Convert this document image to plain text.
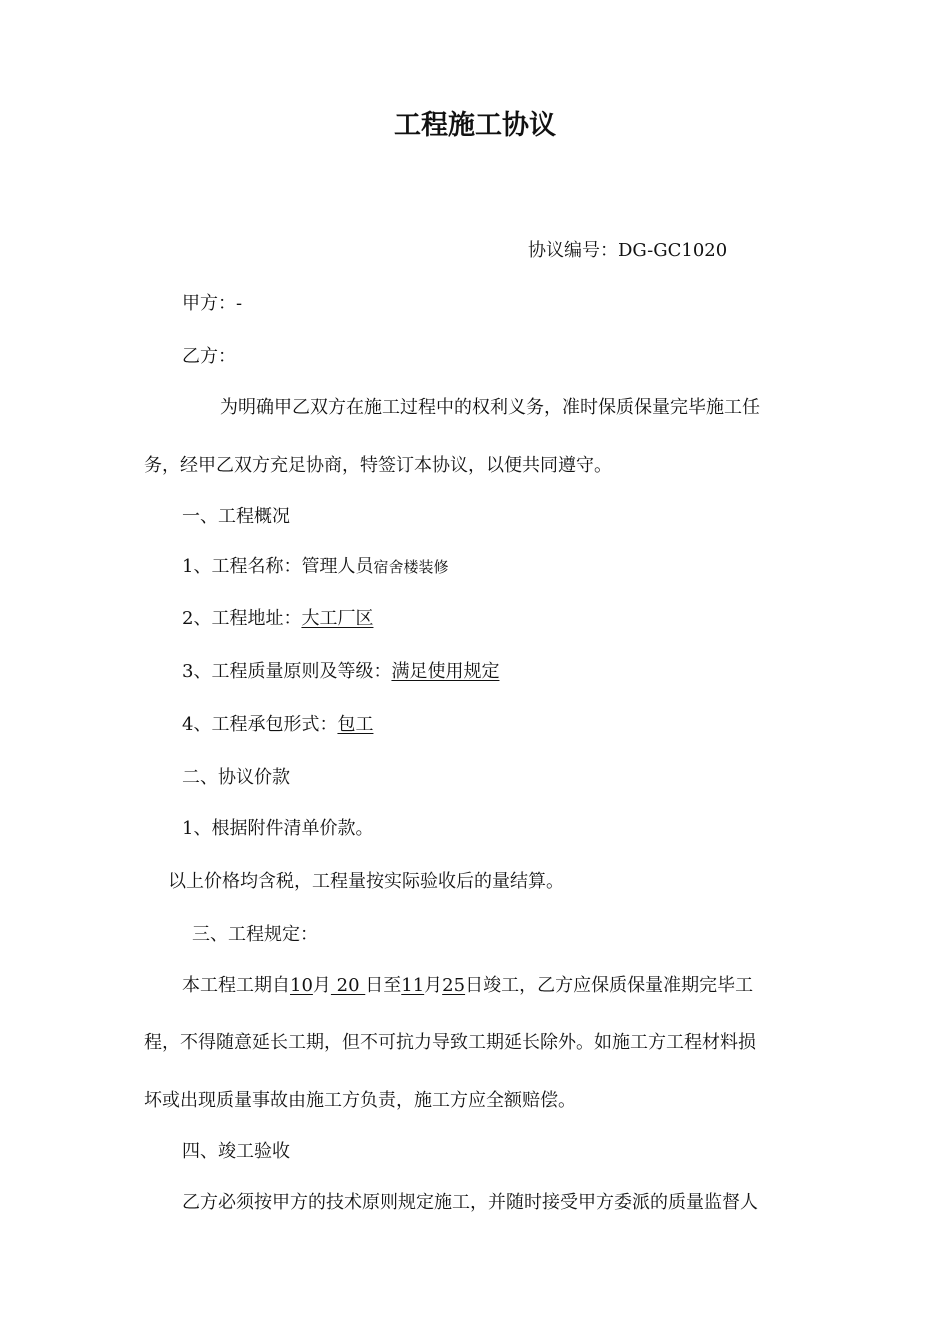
工程施工协议
协议编号：DG-GC1020
甲方：-
乙方：
为明确甲乙双方在施工过程中的权利义务，准时保质保量完毕施工任
务，经甲乙双方充足协商，特签订本协议，以便共同遵守。
一、工程概况
1、工程名称：管理人员宿舍楼装修
2、工程地址：大工厂区
3、工程质量原则及等级：满足使用规定
4、工程承包形式：包工
二、协议价款
1、根据附件清单价款。
以上价格均含税，工程量按实际验收后的量结算。
三、工程规定：
本工程工期自10月 20 日至11月25日竣工，乙方应保质保量准期完毕工
程，不得随意延长工期，但不可抗力导致工期延长除外。如施工方工程材料损
坏或出现质量事故由施工方负责，施工方应全额赔偿。
四、竣工验收
乙方必须按甲方的技术原则规定施工，并随时接受甲方委派的质量监督人
